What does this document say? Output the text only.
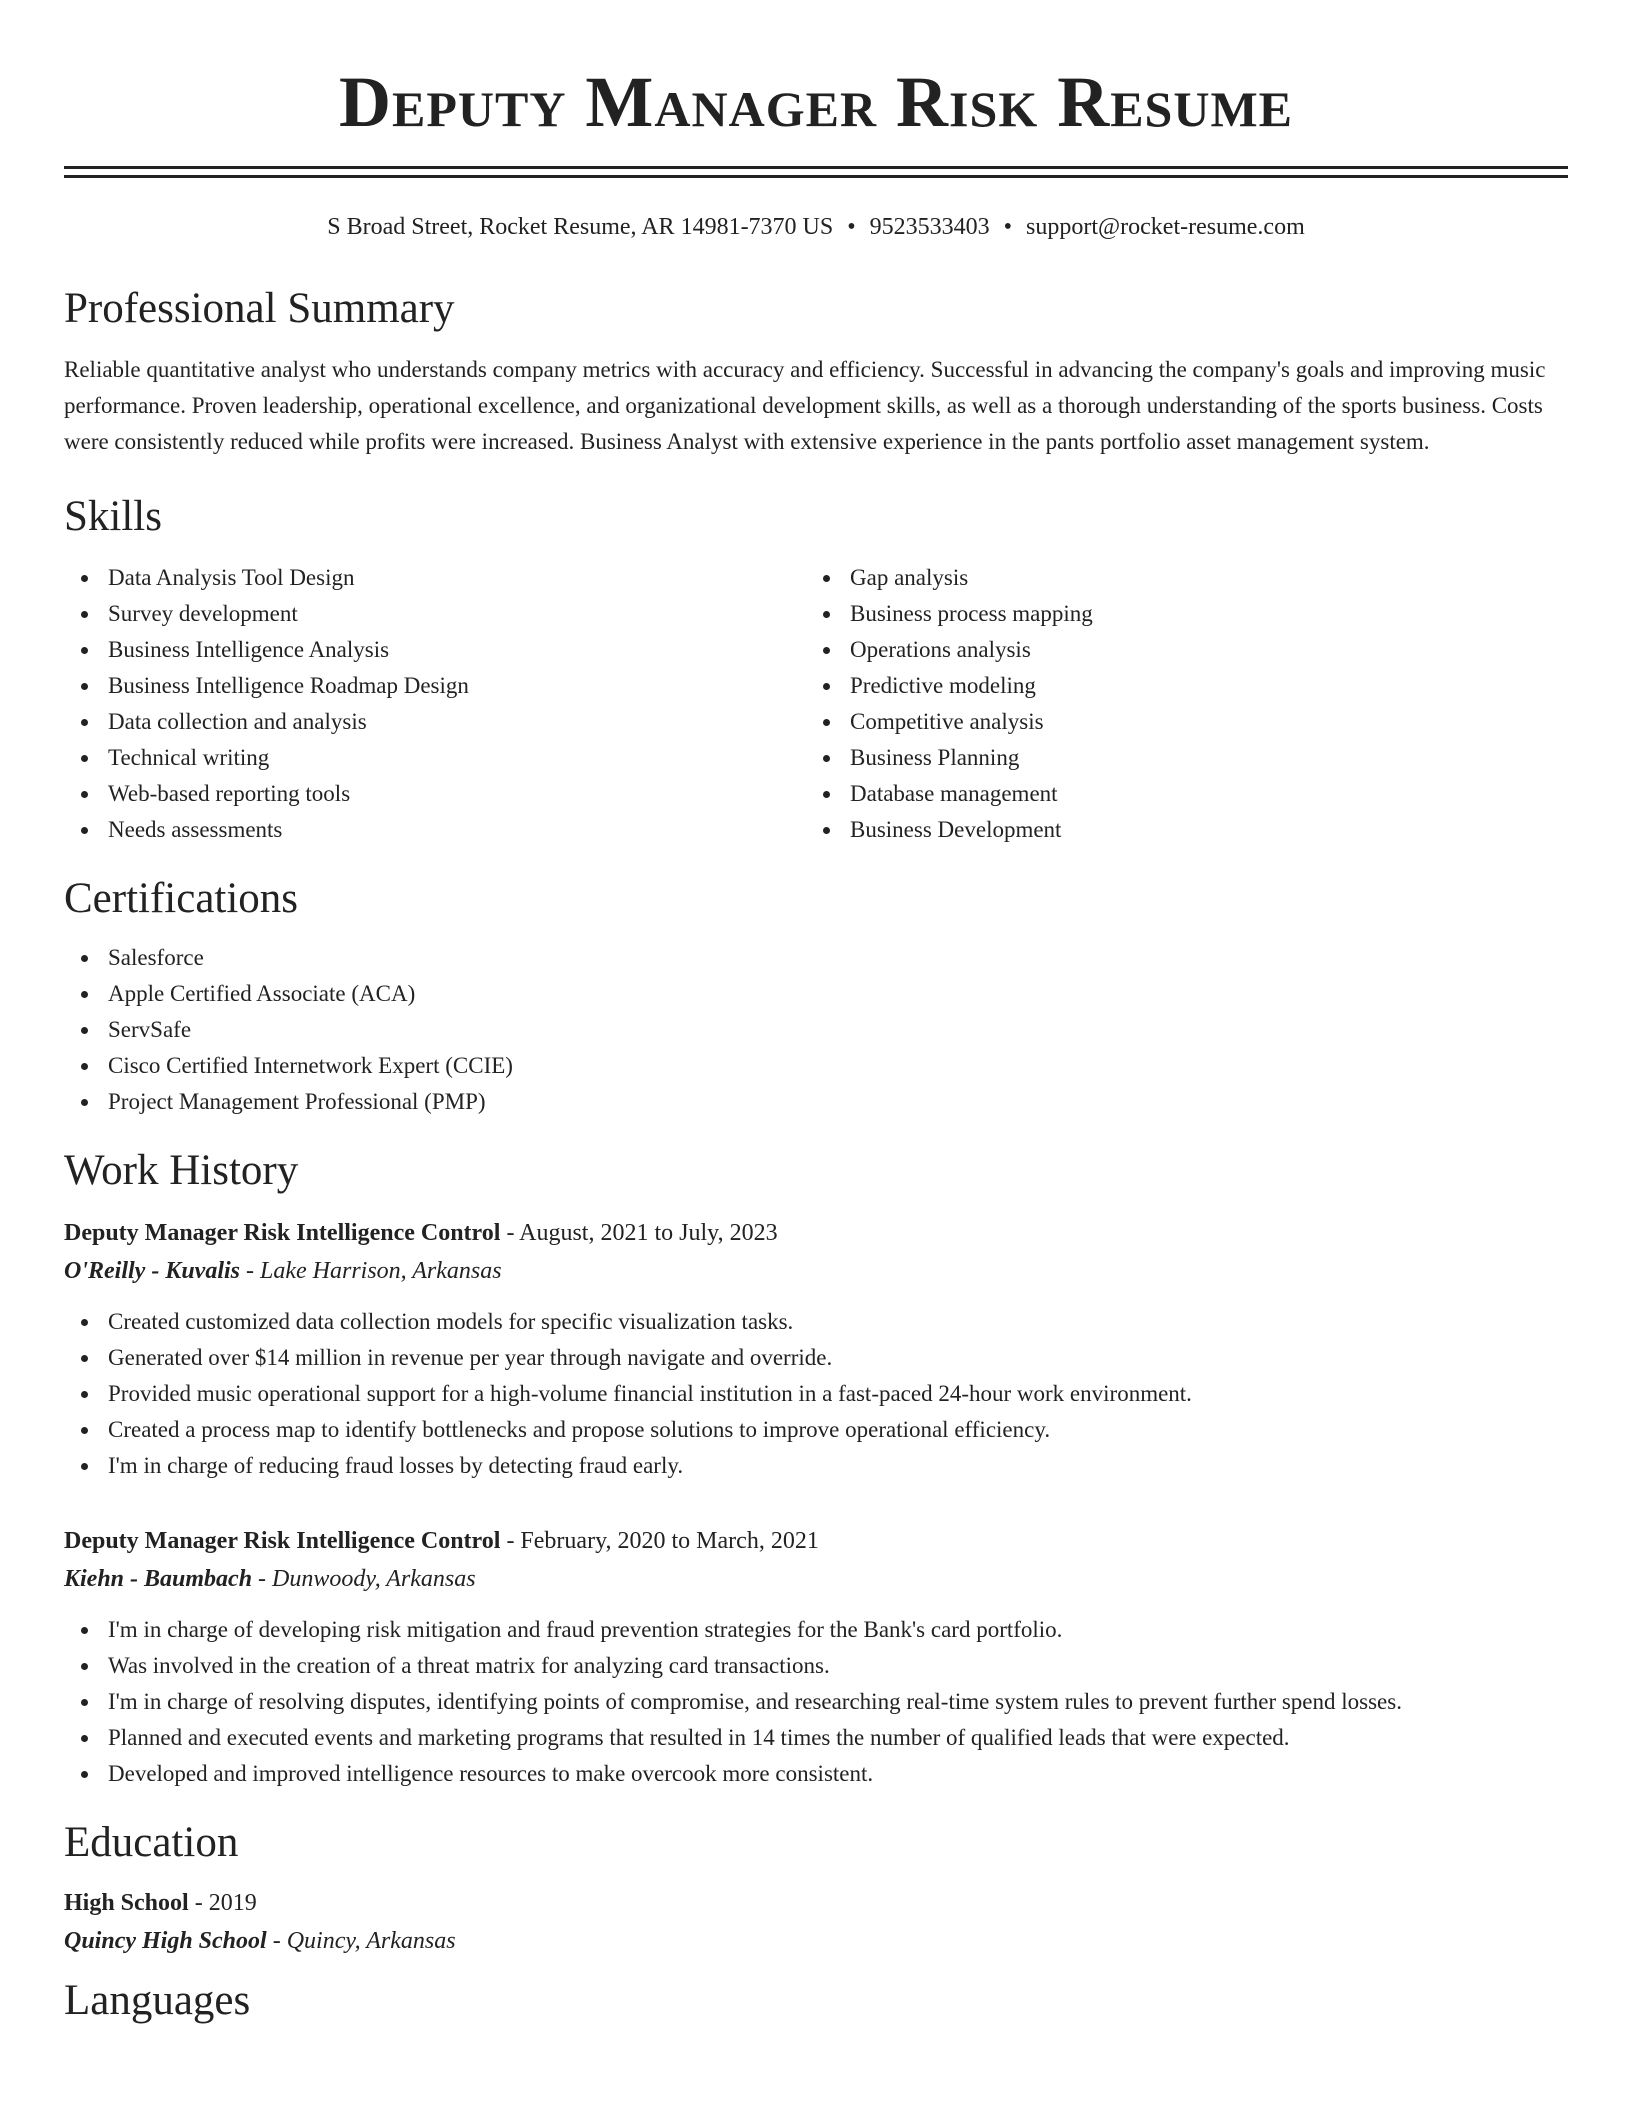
Deputy Manager Risk Resume
S Broad Street, Rocket Resume, AR 14981-7370 US • 9523533403 • support@rocket-resume.com
Professional Summary
Reliable quantitative analyst who understands company metrics with accuracy and efficiency. Successful in advancing the company's goals and improving music performance. Proven leadership, operational excellence, and organizational development skills, as well as a thorough understanding of the sports business. Costs were consistently reduced while profits were increased. Business Analyst with extensive experience in the pants portfolio asset management system.
Skills
Data Analysis Tool Design
Survey development
Business Intelligence Analysis
Business Intelligence Roadmap Design
Data collection and analysis
Technical writing
Web-based reporting tools
Needs assessments
Gap analysis
Business process mapping
Operations analysis
Predictive modeling
Competitive analysis
Business Planning
Database management
Business Development
Certifications
Salesforce
Apple Certified Associate (ACA)
ServSafe
Cisco Certified Internetwork Expert (CCIE)
Project Management Professional (PMP)
Work History
Deputy Manager Risk Intelligence Control - August, 2021 to July, 2023
O'Reilly - Kuvalis - Lake Harrison, Arkansas
Created customized data collection models for specific visualization tasks.
Generated over $14 million in revenue per year through navigate and override.
Provided music operational support for a high-volume financial institution in a fast-paced 24-hour work environment.
Created a process map to identify bottlenecks and propose solutions to improve operational efficiency.
I'm in charge of reducing fraud losses by detecting fraud early.
Deputy Manager Risk Intelligence Control - February, 2020 to March, 2021
Kiehn - Baumbach - Dunwoody, Arkansas
I'm in charge of developing risk mitigation and fraud prevention strategies for the Bank's card portfolio.
Was involved in the creation of a threat matrix for analyzing card transactions.
I'm in charge of resolving disputes, identifying points of compromise, and researching real-time system rules to prevent further spend losses.
Planned and executed events and marketing programs that resulted in 14 times the number of qualified leads that were expected.
Developed and improved intelligence resources to make overcook more consistent.
Education
High School - 2019
Quincy High School - Quincy, Arkansas
Languages
